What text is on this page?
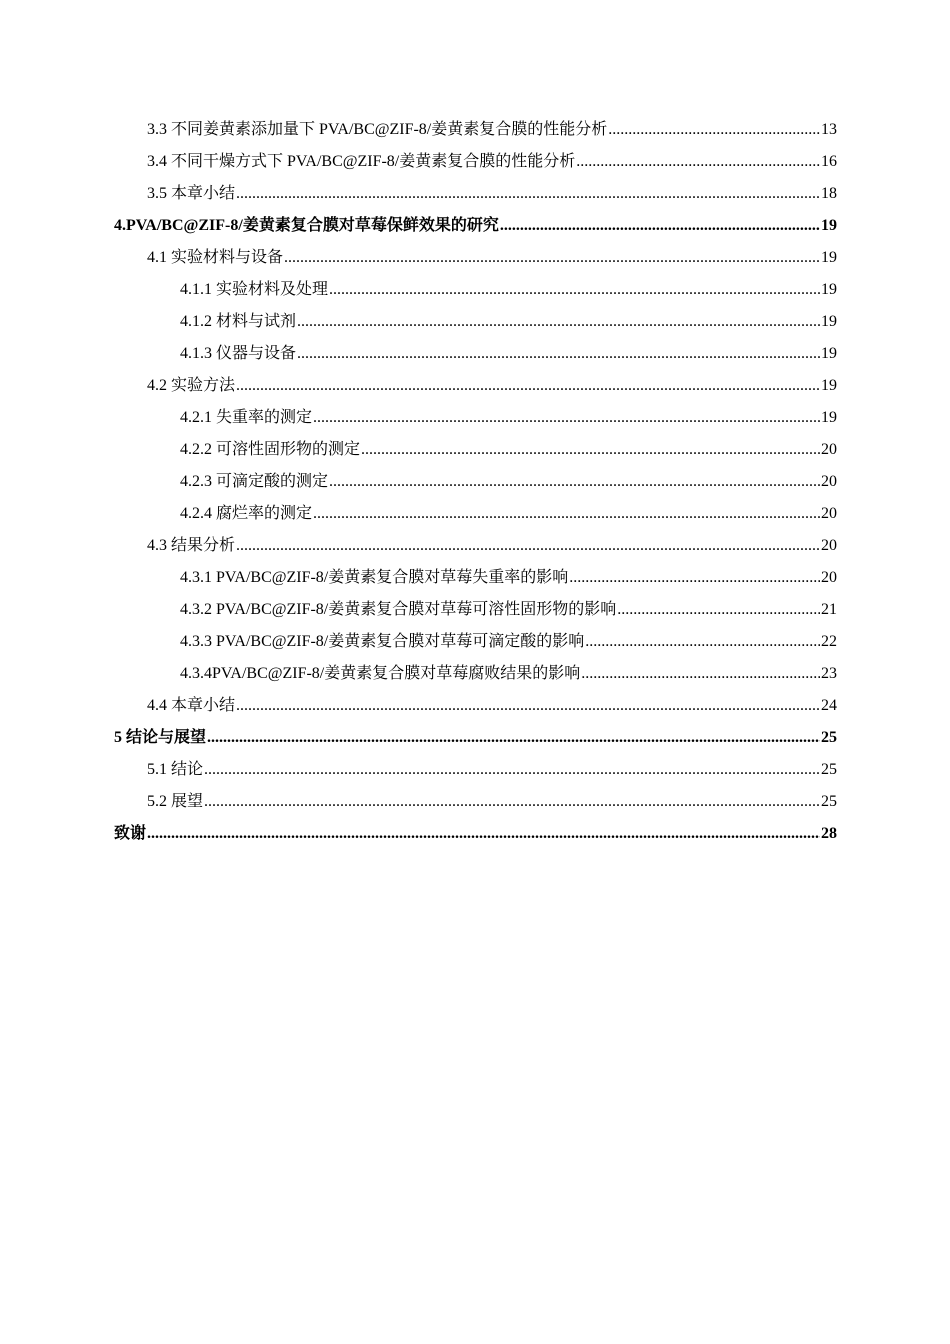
3.3 不同姜黄素添加量下 PVA/BC@ZIF-8/姜黄素复合膜的性能分析 .....	13
3.4 不同干燥方式下 PVA/BC@ZIF-8/姜黄素复合膜的性能分析 .....	16
3.5 本章小结 .....	18
4.PVA/BC@ZIF-8/姜黄素复合膜对草莓保鲜效果的研究 .....	19
4.1 实验材料与设备 .....	19
4.1.1 实验材料及处理 .....	19
4.1.2 材料与试剂 .....	19
4.1.3 仪器与设备 .....	19
4.2 实验方法 .....	19
4.2.1 失重率的测定 .....	19
4.2.2 可溶性固形物的测定 .....	20
4.2.3 可滴定酸的测定 .....	20
4.2.4 腐烂率的测定 .....	20
4.3 结果分析 .....	20
4.3.1 PVA/BC@ZIF-8/姜黄素复合膜对草莓失重率的影响 .....	20
4.3.2 PVA/BC@ZIF-8/姜黄素复合膜对草莓可溶性固形物的影响 .....	21
4.3.3 PVA/BC@ZIF-8/姜黄素复合膜对草莓可滴定酸的影响 .....	22
4.3.4PVA/BC@ZIF-8/姜黄素复合膜对草莓腐败结果的影响 .....	23
4.4 本章小结 .....	24
5 结论与展望 .....	25
5.1 结论 .....	25
5.2 展望 .....	25
致谢 .....	28
